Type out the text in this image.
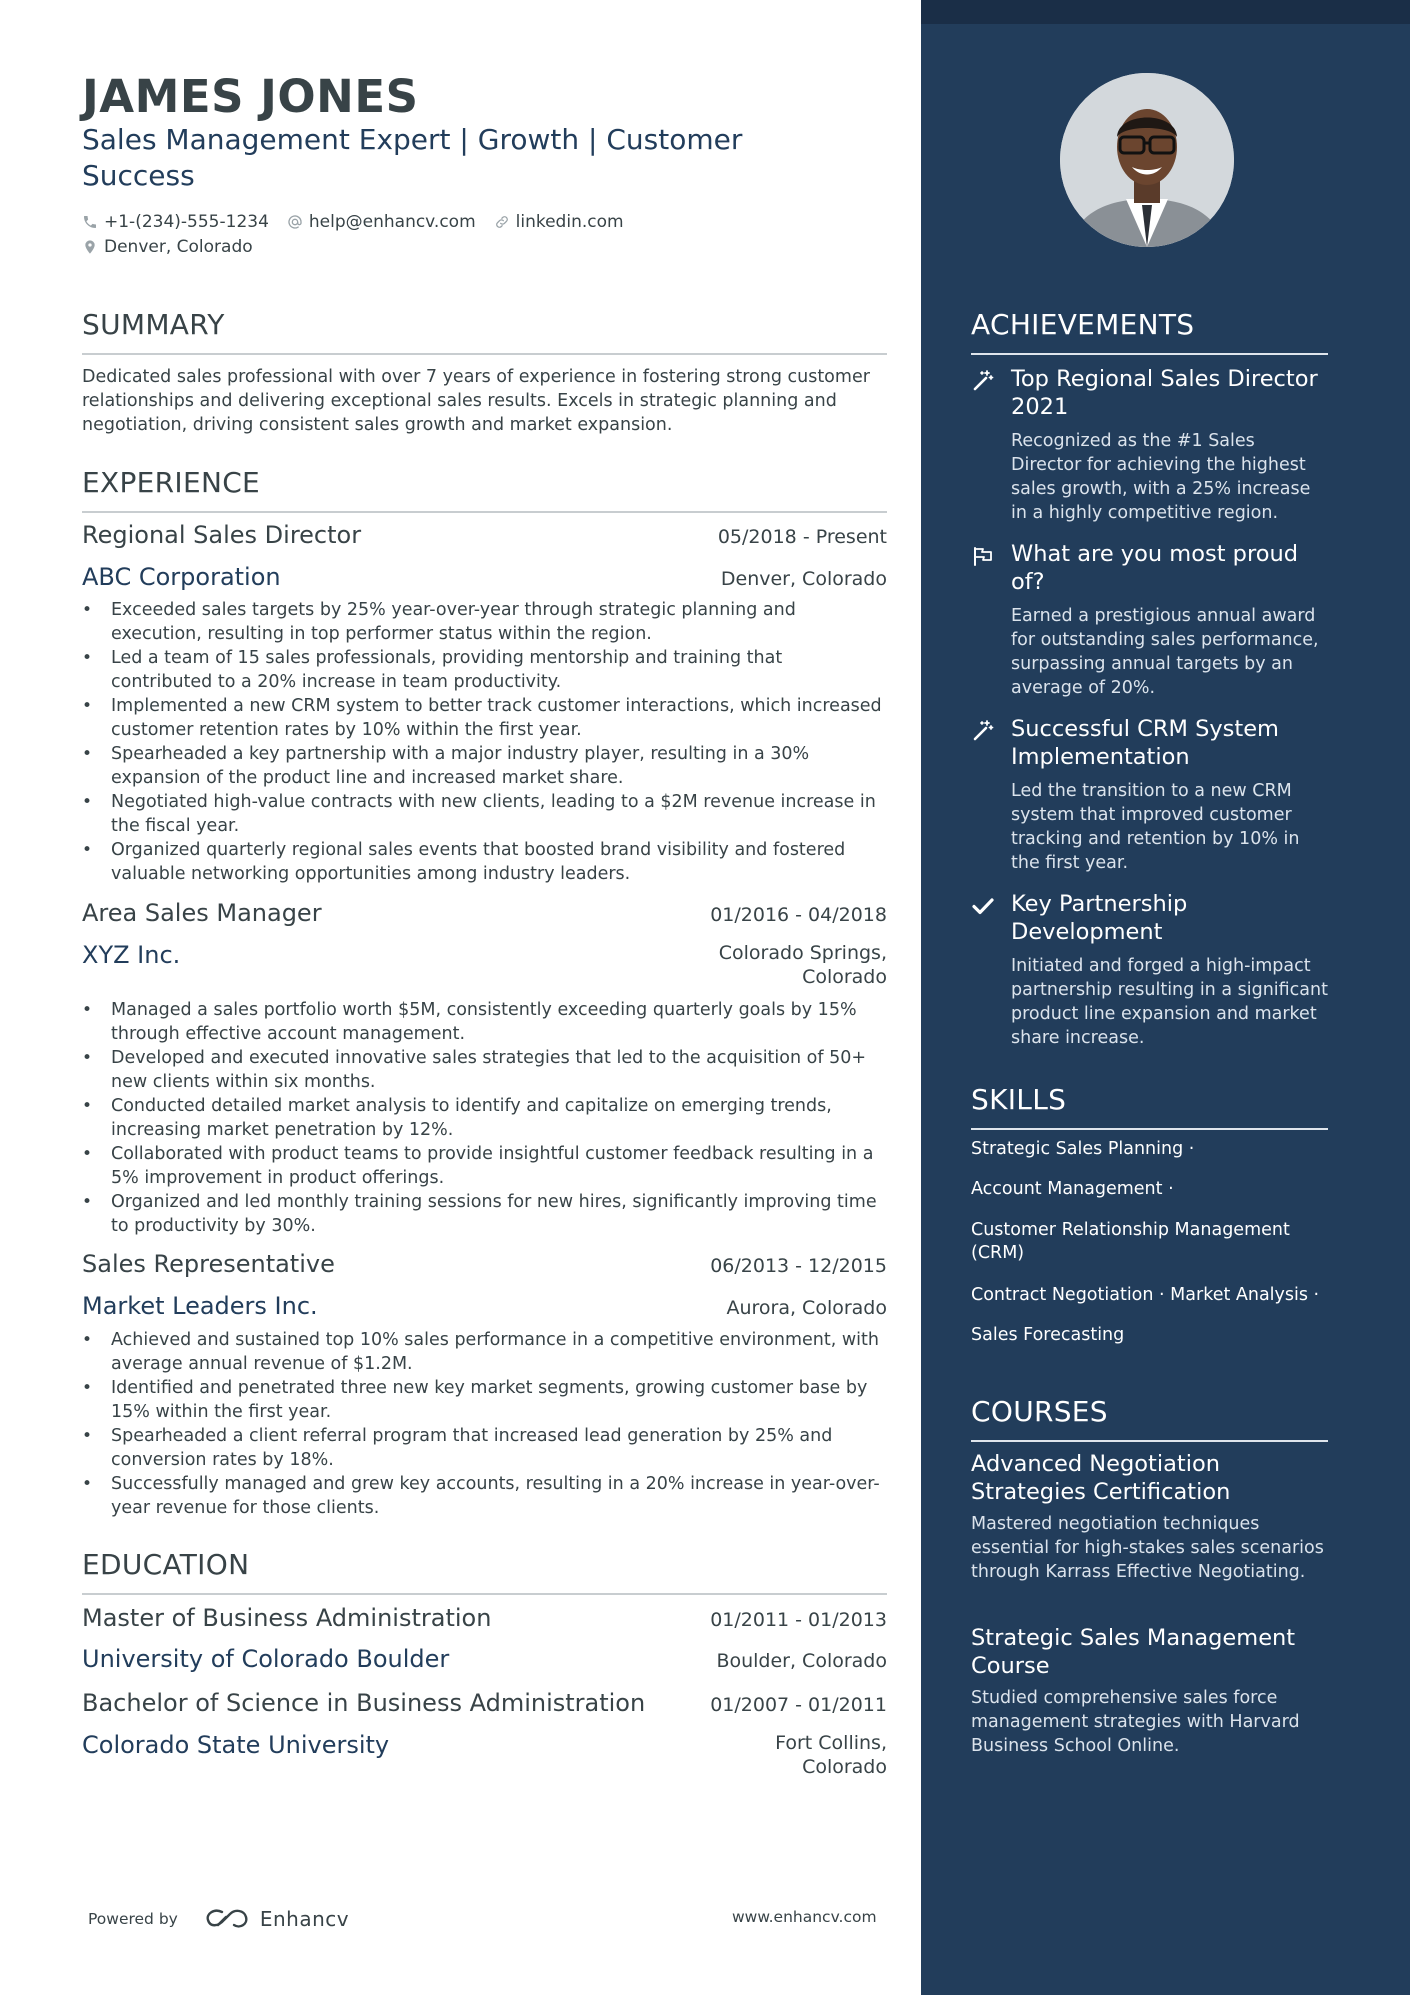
JAMES JONES
Sales Management Expert | Growth | Customer Success
+1-(234)-555-1234 help@enhancv.com linkedin.com
Denver, Colorado
SUMMARY
Dedicated sales professional with over 7 years of experience in fostering strong customer relationships and delivering exceptional sales results. Excels in strategic planning and negotiation, driving consistent sales growth and market expansion.
EXPERIENCE
Regional Sales Director	05/2018 - Present
ABC Corporation	Denver, Colorado
• Exceeded sales targets by 25% year-over-year through strategic planning and execution, resulting in top performer status within the region.
• Led a team of 15 sales professionals, providing mentorship and training that contributed to a 20% increase in team productivity.
• Implemented a new CRM system to better track customer interactions, which increased customer retention rates by 10% within the first year.
• Spearheaded a key partnership with a major industry player, resulting in a 30% expansion of the product line and increased market share.
• Negotiated high-value contracts with new clients, leading to a $2M revenue increase in the fiscal year.
• Organized quarterly regional sales events that boosted brand visibility and fostered valuable networking opportunities among industry leaders.
Area Sales Manager	01/2016 - 04/2018
XYZ Inc.	Colorado Springs, Colorado
• Managed a sales portfolio worth $5M, consistently exceeding quarterly goals by 15% through effective account management.
• Developed and executed innovative sales strategies that led to the acquisition of 50+ new clients within six months.
• Conducted detailed market analysis to identify and capitalize on emerging trends, increasing market penetration by 12%.
• Collaborated with product teams to provide insightful customer feedback resulting in a 5% improvement in product offerings.
• Organized and led monthly training sessions for new hires, significantly improving time to productivity by 30%.
Sales Representative	06/2013 - 12/2015
Market Leaders Inc.	Aurora, Colorado
• Achieved and sustained top 10% sales performance in a competitive environment, with average annual revenue of $1.2M.
• Identified and penetrated three new key market segments, growing customer base by 15% within the first year.
• Spearheaded a client referral program that increased lead generation by 25% and conversion rates by 18%.
• Successfully managed and grew key accounts, resulting in a 20% increase in year-over-year revenue for those clients.
EDUCATION
Master of Business Administration	01/2011 - 01/2013
University of Colorado Boulder	Boulder, Colorado
Bachelor of Science in Business Administration	01/2007 - 01/2011
Colorado State University	Fort Collins, Colorado
Powered by	Enhancv	www.enhancv.com
ACHIEVEMENTS
Top Regional Sales Director 2021
Recognized as the #1 Sales Director for achieving the highest sales growth, with a 25% increase in a highly competitive region.
What are you most proud of?
Earned a prestigious annual award for outstanding sales performance, surpassing annual targets by an average of 20%.
Successful CRM System Implementation
Led the transition to a new CRM system that improved customer tracking and retention by 10% in the first year.
Key Partnership Development
Initiated and forged a high-impact partnership resulting in a significant product line expansion and market share increase.
SKILLS
Strategic Sales Planning ·
Account Management ·
Customer Relationship Management (CRM)
Contract Negotiation · Market Analysis ·
Sales Forecasting
COURSES
Advanced Negotiation Strategies Certification
Mastered negotiation techniques essential for high-stakes sales scenarios through Karrass Effective Negotiating.
Strategic Sales Management Course
Studied comprehensive sales force management strategies with Harvard Business School Online.
